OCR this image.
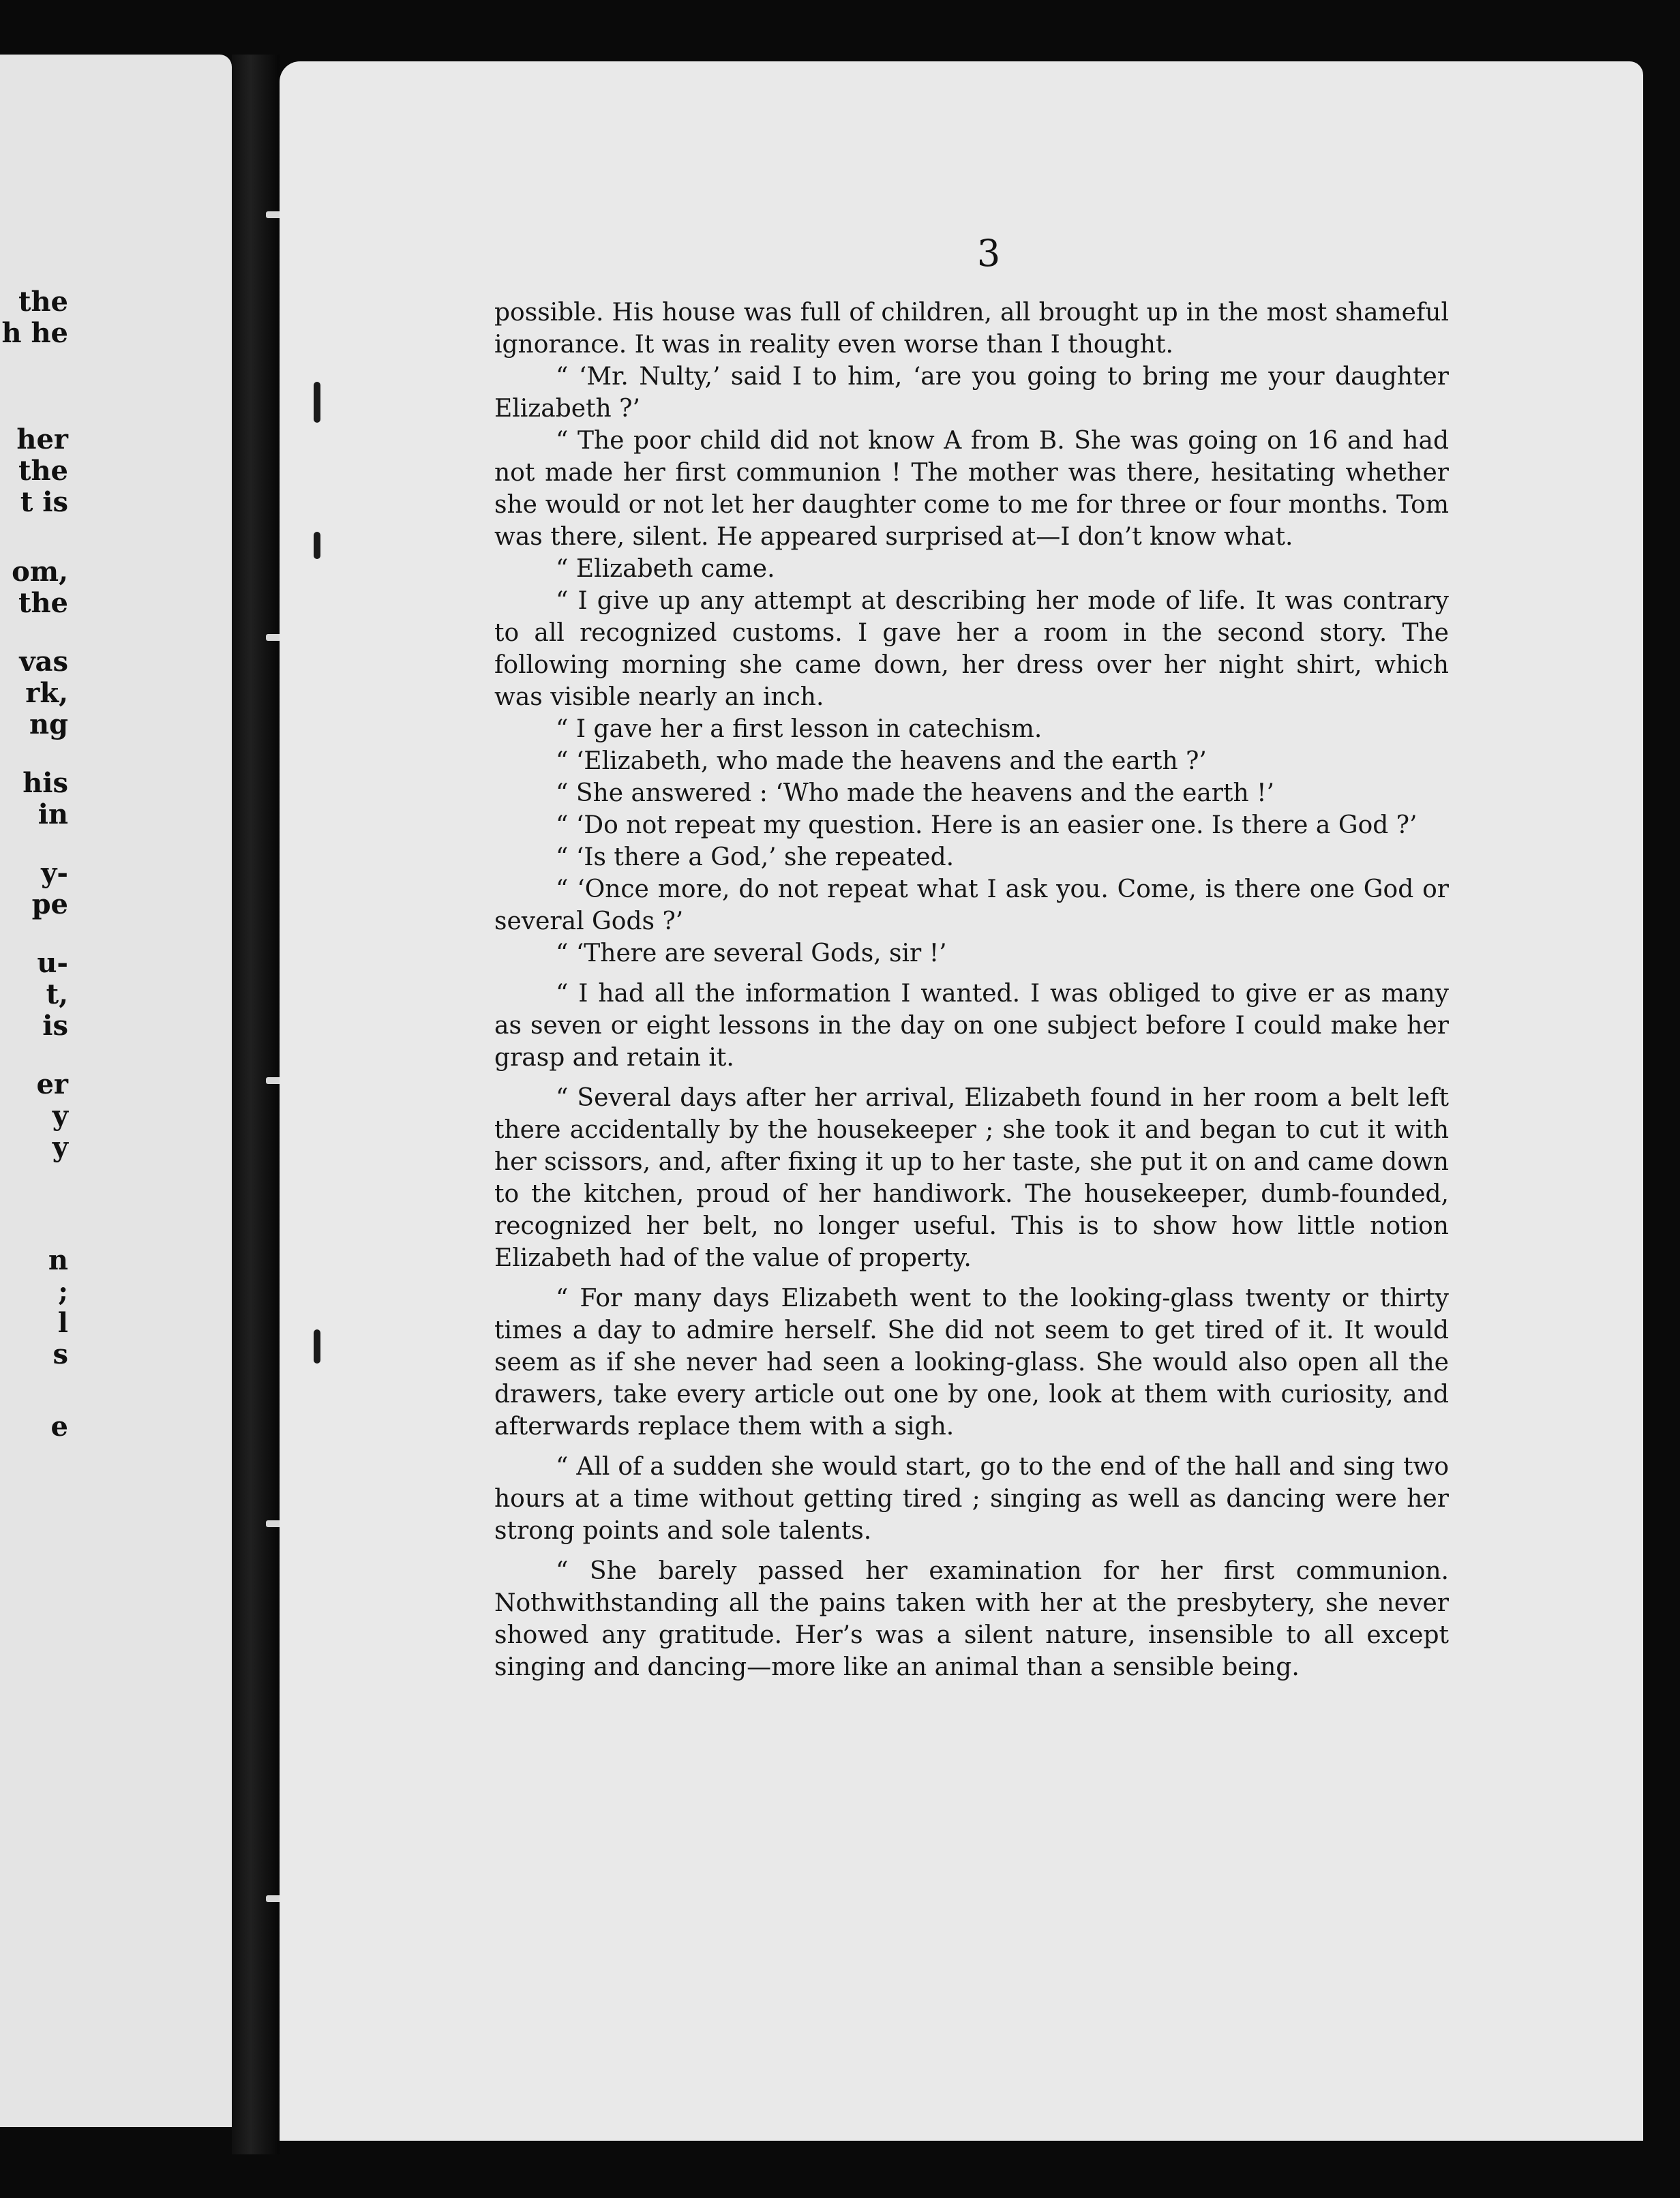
the
h he
her
the
t is
om,
the
vas
rk,
ng
his
in
y-
pe
u-
t,
is
er
y
y
n
;
l
s
e
3

possible. His house was full of children, all brought up in the most shameful ignorance. It was in reality even worse than I thought.

“ ‘Mr. Nulty,’ said I to him, ‘are you going to bring me your daughter Elizabeth ?’

“ The poor child did not know A from B. She was going on 16 and had not made her first communion ! The mother was there, hesitating whether she would or not let her daughter come to me for three or four months. Tom was there, silent. He appeared surprised at—I don’t know what.

“ Elizabeth came.

“ I give up any attempt at describing her mode of life. It was contrary to all recognized customs. I gave her a room in the second story. The following morning she came down, her dress over her night shirt, which was visible nearly an inch.

“ I gave her a first lesson in catechism.

“ ‘Elizabeth, who made the heavens and the earth ?’

“ She answered : ‘Who made the heavens and the earth !’

“ ‘Do not repeat my question. Here is an easier one. Is there a God ?’

“ ‘Is there a God,’ she repeated.

“ ‘Once more, do not repeat what I ask you. Come, is there one God or several Gods ?’

“ ‘There are several Gods, sir !’

“ I had all the information I wanted. I was obliged to give er as many as seven or eight lessons in the day on one subject before I could make her grasp and retain it.

“ Several days after her arrival, Elizabeth found in her room a belt left there accidentally by the housekeeper ; she took it and began to cut it with her scissors, and, after fixing it up to her taste, she put it on and came down to the kitchen, proud of her handiwork. The housekeeper, dumb-founded, recognized her belt, no longer useful. This is to show how little notion Elizabeth had of the value of property.

“ For many days Elizabeth went to the looking-glass twenty or thirty times a day to admire herself. She did not seem to get tired of it. It would seem as if she never had seen a looking-glass. She would also open all the drawers, take every article out one by one, look at them with curiosity, and afterwards replace them with a sigh.

“ All of a sudden she would start, go to the end of the hall and sing two hours at a time without getting tired ; singing as well as dancing were her strong points and sole talents.

“ She barely passed her examination for her first communion. Nothwithstanding all the pains taken with her at the presbytery, she never showed any gratitude. Her’s was a silent nature, insensible to all except singing and dancing—more like an animal than a sensible being.
